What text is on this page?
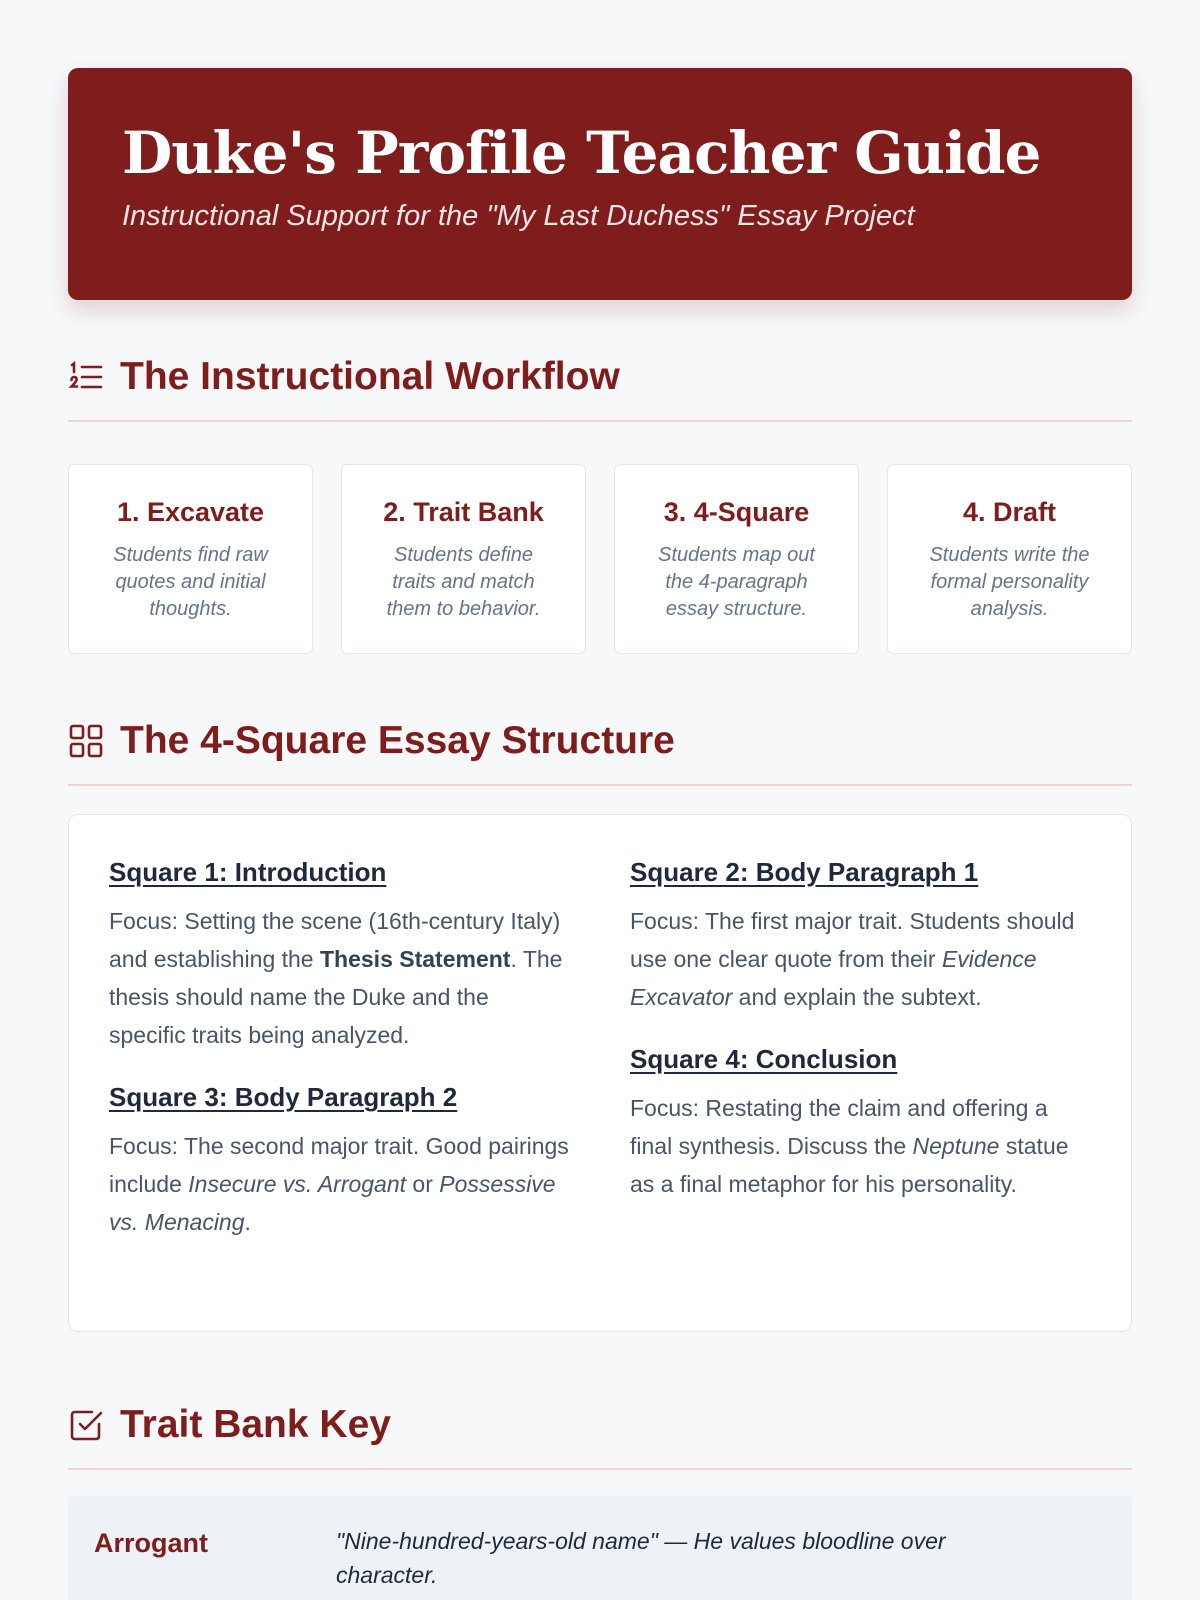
Duke's Profile Teacher Guide

Instructional Support for the "My Last Duchess" Essay Project

The Instructional Workflow
1. Excavate

Students find raw quotes and initial thoughts.

2. Trait Bank

Students define traits and match them to behavior.

3. 4-Square

Students map out the 4-paragraph essay structure.

4. Draft

Students write the formal personality analysis.

The 4-Square Essay Structure
Square 1: Introduction

Focus: Setting the scene (16th-century Italy) and establishing the Thesis Statement. The thesis should name the Duke and the specific traits being analyzed.

Square 3: Body Paragraph 2

Focus: The second major trait. Good pairings include Insecure vs. Arrogant or Possessive vs. Menacing.

Square 2: Body Paragraph 1

Focus: The first major trait. Students should use one clear quote from their Evidence Excavator and explain the subtext.

Square 4: Conclusion

Focus: Restating the claim and offering a final synthesis. Discuss the Neptune statue as a final metaphor for his personality.

Trait Bank Key
Arrogant	"Nine-hundred-years-old name" — He values bloodline over character.
